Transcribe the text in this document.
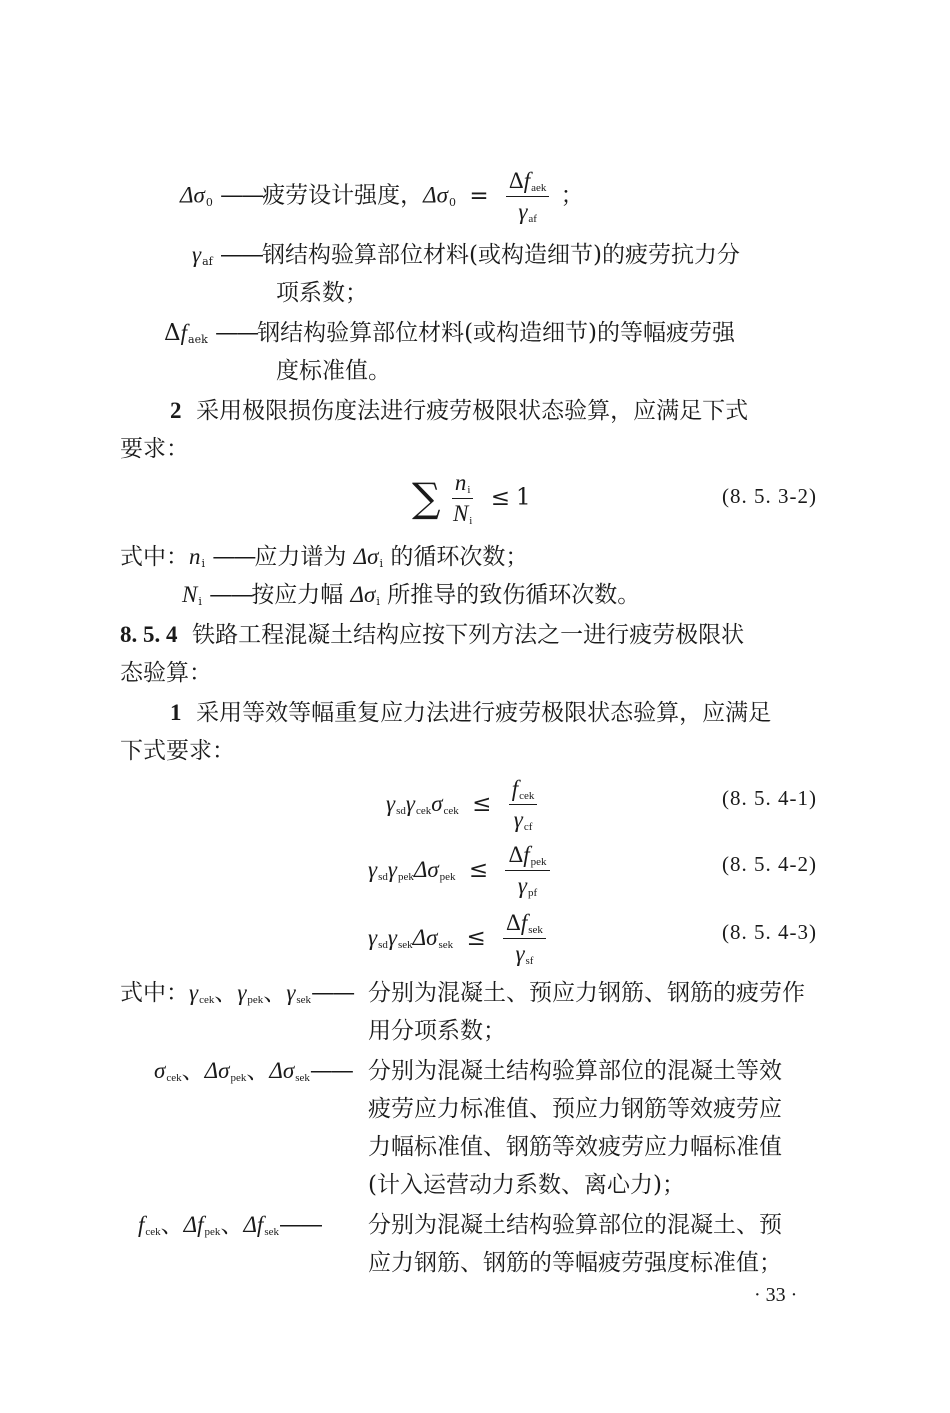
$\Delta\sigma_0$ ——疲劳设计强度，$\Delta\sigma_0 = \frac{\Delta f_{aek}}{\gamma_{af}}$ ；
$\gamma_{af}$ ——钢结构验算部位材料(或构造细节)的疲劳抗力分
项系数；
$\Delta f_{aek}$ ——钢结构验算部位材料(或构造细节)的等幅疲劳强
度标准值。
2 采用极限损伤度法进行疲劳极限状态验算，应满足下式
要求：
∑ $\frac{n_i}{N_i} \le 1$	(8. 5. 3-2)
式中：$n_i$ ——应力谱为 $\Delta\sigma_i$ 的循环次数；
$N_i$ ——按应力幅 $\Delta\sigma_i$ 所推导的致伤循环次数。
8. 5. 4 铁路工程混凝土结构应按下列方法之一进行疲劳极限状
态验算：
1 采用等效等幅重复应力法进行疲劳极限状态验算，应满足
下式要求：
$\gamma_{sd}\gamma_{cek}\sigma_{cek} \le \frac{f_{cek}}{\gamma_{cf}}$	(8. 5. 4-1)
$\gamma_{sd}\gamma_{pek}\Delta\sigma_{pek} \le \frac{\Delta f_{pek}}{\gamma_{pf}}$	(8. 5. 4-2)
$\gamma_{sd}\gamma_{sek}\Delta\sigma_{sek} \le \frac{\Delta f_{sek}}{\gamma_{sf}}$	(8. 5. 4-3)
式中：$\gamma_{cek}$、$\gamma_{pek}$、$\gamma_{sek}——$ 分别为混凝土、预应力钢筋、钢筋的疲劳作
用分项系数；
$\sigma_{cek}$、$\Delta\sigma_{pek}$、$\Delta\sigma_{sek}——$ 分别为混凝土结构验算部位的混凝土等效
疲劳应力标准值、预应力钢筋等效疲劳应
力幅标准值、钢筋等效疲劳应力幅标准值
(计入运营动力系数、离心力)；
$f_{cek}$、$\Delta f_{pek}$、$\Delta f_{sek}——$ 分别为混凝土结构验算部位的混凝土、预
应力钢筋、钢筋的等幅疲劳强度标准值；
· 33 ·
